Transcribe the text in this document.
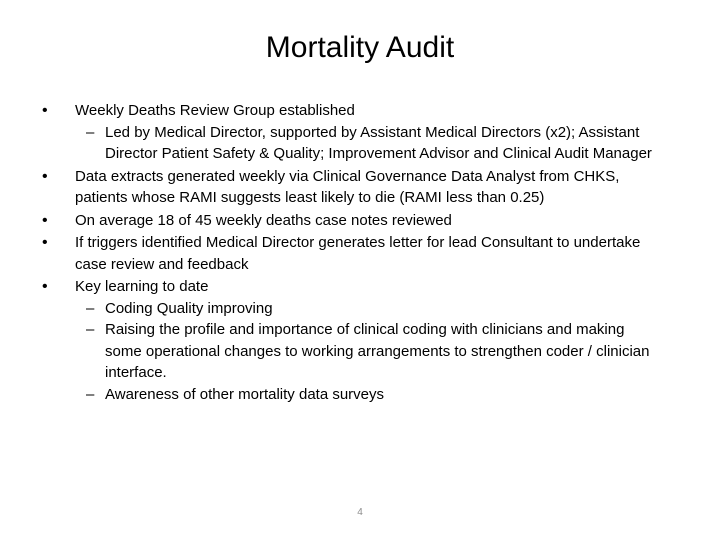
Mortality Audit
• Weekly Deaths Review Group established
– Led by Medical Director, supported by Assistant Medical Directors (x2); Assistant Director Patient Safety & Quality; Improvement Advisor and Clinical Audit Manager
• Data extracts generated weekly via Clinical Governance Data Analyst from CHKS, patients whose RAMI suggests least likely to die (RAMI less than 0.25)
• On average 18 of 45 weekly deaths case notes reviewed
• If triggers identified Medical Director generates letter for lead Consultant to undertake case review and feedback
• Key learning to date
– Coding Quality improving
– Raising the profile and importance of clinical coding with clinicians and making some operational changes to working arrangements to strengthen coder / clinician interface.
– Awareness of other mortality data surveys
4
